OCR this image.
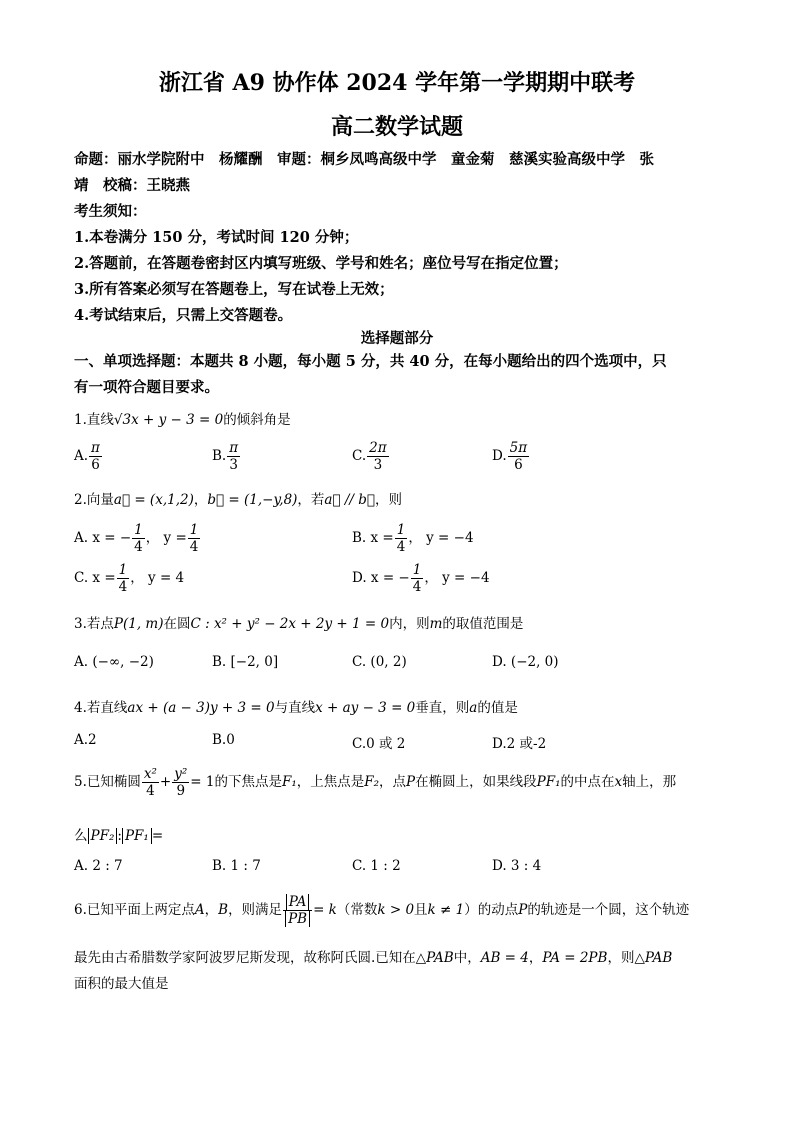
浙江省 A9 协作体 2024 学年第一学期期中联考
高二数学试题
命题：丽水学院附中　杨耀酬　审题：桐乡凤鸣高级中学　童金菊　慈溪实验高级中学　张
靖　校稿：王晓燕
考生须知：
1.本卷满分 150 分，考试时间 120 分钟；
2.答题前，在答题卷密封区内填写班级、学号和姓名；座位号写在指定位置；
3.所有答案必须写在答题卷上，写在试卷上无效；
4.考试结束后，只需上交答题卷。
选择题部分
一、单项选择题：本题共 8 小题，每小题 5 分，共 40 分，在每小题给出的四个选项中，只
有一项符合题目要求。
1.直线√3x + y − 3 = 0的倾斜角是
A. $\frac{\pi}{6}$	B. $\frac{\pi}{3}$	C. $\frac{2\pi}{3}$	D. $\frac{5\pi}{6}$
2.向量a⃗ = (x,1,2)，b⃗ = (1,−y,8)，若a⃗ // b⃗，则
A. x = − $\frac{1}{4}$ ， $y = \frac{1}{4}$	B. $x = \frac{1}{4}$ ， y = −4
C. $x = \frac{1}{4}$ ， y = 4	D. x = − $\frac{1}{4}$ ， y = −4
3.若点P(1, m)在圆C : x² + y² − 2x + 2y + 1 = 0内，则m的取值范围是
A. (−∞, −2)	B. [−2, 0]	C. (0, 2)	D. (−2, 0)
4.若直线ax + (a − 3)y + 3 = 0与直线x + ay − 3 = 0垂直，则a的值是
A.2	B.0	C.0 或 2	D.2 或-2
5.已知椭圆 $\frac{\text{x²}}{4} + \frac{\text{y²}}{9} = 1$的下焦点是F₁，上焦点是F₂，点P在椭圆上，如果线段PF₁的中点在x轴上，那
么 PF₂ : PF₁ =
A. 2 : 7	B. 1 : 7	C. 1 : 2	D. 3 : 4
6.已知平面上两定点A，B，则满足 $\frac{PA}{PB} = k$（常数k > 0且k ≠ 1）的动点P的轨迹是一个圆，这个轨迹
最先由古希腊数学家阿波罗尼斯发现，故称阿氏圆.已知在△PAB中，AB = 4，PA = 2PB，则△PAB
面积的最大值是
